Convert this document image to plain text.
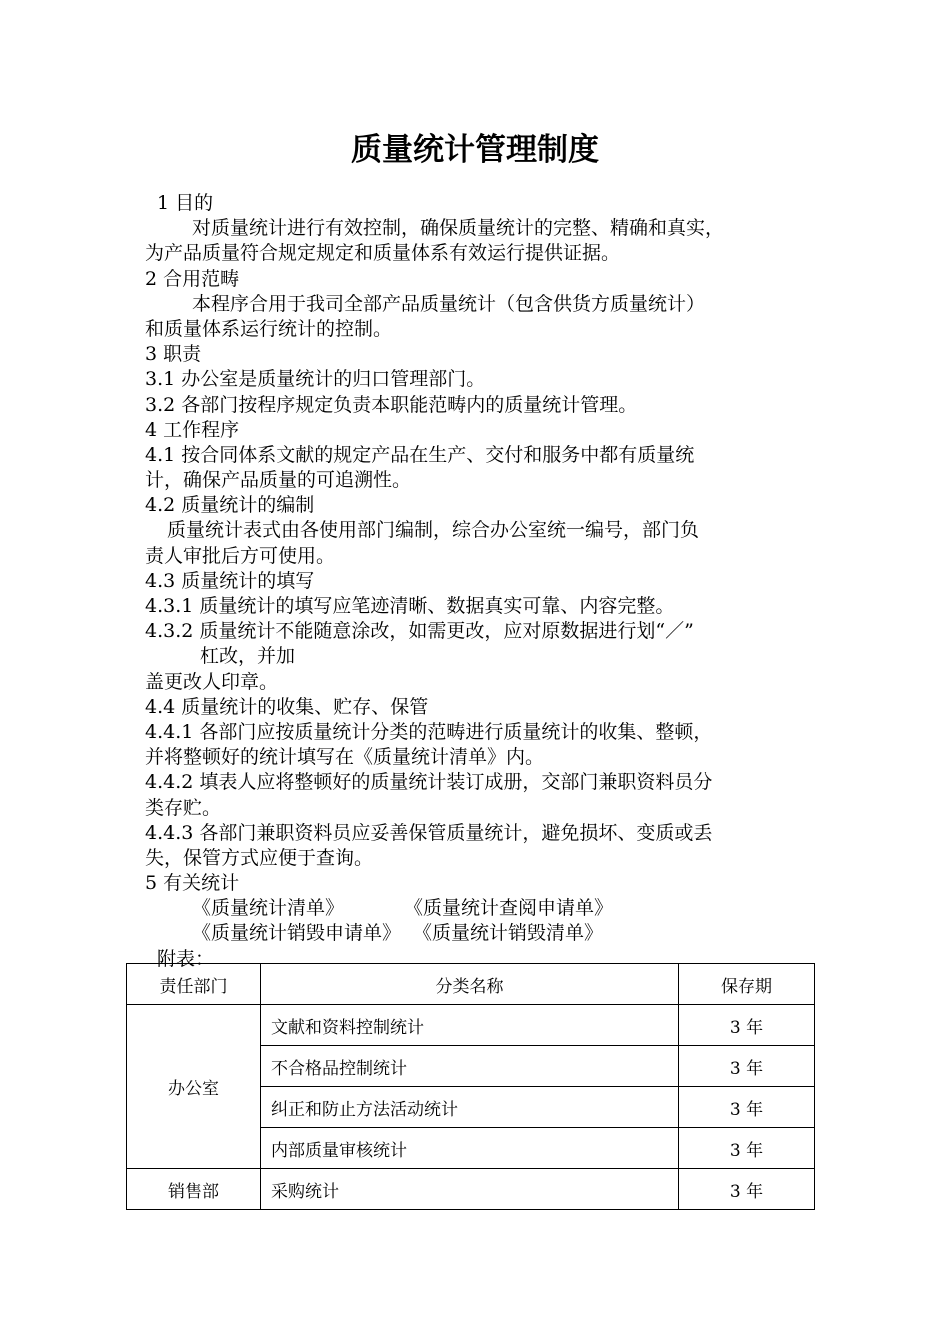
质量统计管理制度
1 目的
对质量统计进行有效控制，确保质量统计的完整、精确和真实，
为产品质量符合规定规定和质量体系有效运行提供证据。
2 合用范畴
本程序合用于我司全部产品质量统计（包含供货方质量统计）
和质量体系运行统计的控制。
3 职责
3.1 办公室是质量统计的归口管理部门。
3.2 各部门按程序规定负责本职能范畴内的质量统计管理。
4 工作程序
4.1 按合同体系文献的规定产品在生产、交付和服务中都有质量统
计，确保产品质量的可追溯性。
4.2 质量统计的编制
质量统计表式由各使用部门编制，综合办公室统一编号，部门负
责人审批后方可使用。
4.3 质量统计的填写
4.3.1 质量统计的填写应笔迹清晰、数据真实可靠、内容完整。
4.3.2 质量统计不能随意涂改，如需更改，应对原数据进行划“／”
杠改，并加
盖更改人印章。
4.4 质量统计的收集、贮存、保管
4.4.1 各部门应按质量统计分类的范畴进行质量统计的收集、整顿，
并将整顿好的统计填写在《质量统计清单》内。
4.4.2 填表人应将整顿好的质量统计装订成册，交部门兼职资料员分
类存贮。
4.4.3 各部门兼职资料员应妥善保管质量统计，避免损坏、变质或丢
失，保管方式应便于查询。
5 有关统计
《质量统计清单》	《质量统计查阅申请单》
《质量统计销毁申请单》 《质量统计销毁清单》
附表：
责任部门	分类名称	保存期
办公室	文献和资料控制统计	3 年
	不合格品控制统计	3 年
	纠正和防止方法活动统计	3 年
	内部质量审核统计	3 年
销售部	采购统计	3 年
